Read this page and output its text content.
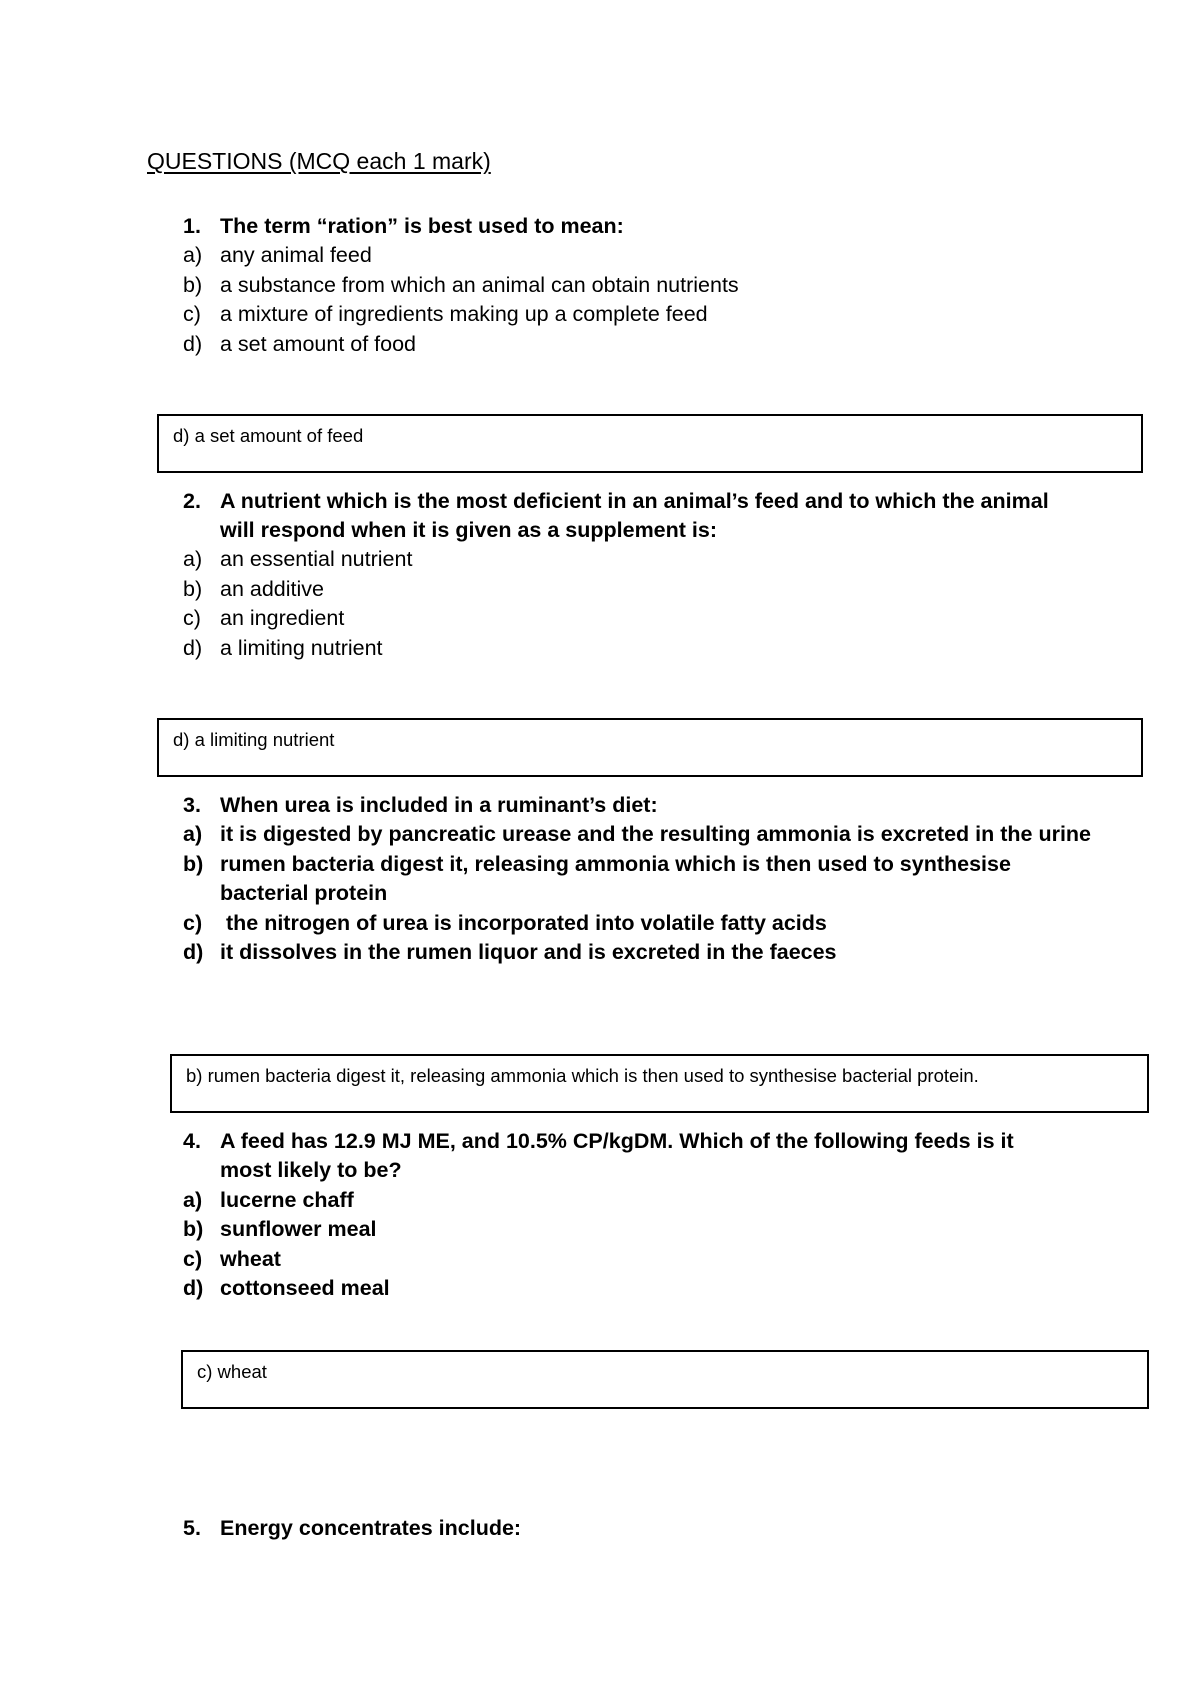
QUESTIONS (MCQ each 1 mark)
1. The term “ration” is best used to mean:
a) any animal feed
b) a substance from which an animal can obtain nutrients
c) a mixture of ingredients making up a complete feed
d) a set amount of food
d) a set amount of feed
2. A nutrient which is the most deficient in an animal’s feed and to which the animal
will respond when it is given as a supplement is:
a) an essential nutrient
b) an additive
c) an ingredient
d) a limiting nutrient
d) a limiting nutrient
3. When urea is included in a ruminant’s diet:
a) it is digested by pancreatic urease and the resulting ammonia is excreted in the urine
b) rumen bacteria digest it, releasing ammonia which is then used to synthesise
bacterial protein
c) the nitrogen of urea is incorporated into volatile fatty acids
d) it dissolves in the rumen liquor and is excreted in the faeces
b) rumen bacteria digest it, releasing ammonia which is then used to synthesise bacterial protein.
4. A feed has 12.9 MJ ME, and 10.5% CP/kgDM. Which of the following feeds is it
most likely to be?
a) lucerne chaff
b) sunflower meal
c) wheat
d) cottonseed meal
c) wheat
5. Energy concentrates include:
